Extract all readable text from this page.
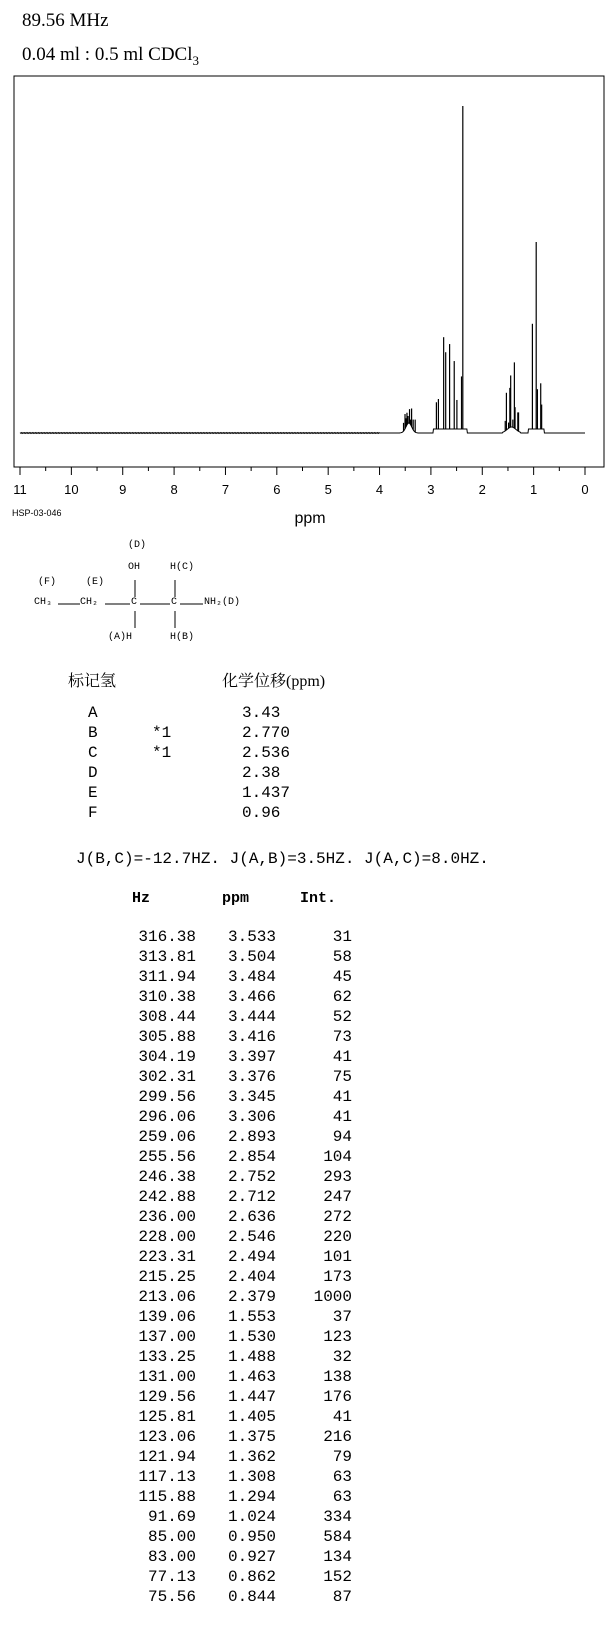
89.56 MHz
0.04 ml : 0.5 ml CDCl$_3$
11	10	9	8	7	6	5	4	3	2	1	0
ppm
HSP-03-046
(D)
OH	H(C)
(F)	(E)
CH₃	CH₂	C	C	NH₂(D)
(A)H	H(B)
标记氢	化学位移(ppm)
A	3.43
B	*1	2.770
C	*1	2.536
D	2.38
E	1.437
F	0.96
J(B,C)=-12.7HZ. J(A,B)=3.5HZ. J(A,C)=8.0HZ.
Hz	ppm	Int.
316.38	3.533	31
313.81	3.504	58
311.94	3.484	45
310.38	3.466	62
308.44	3.444	52
305.88	3.416	73
304.19	3.397	41
302.31	3.376	75
299.56	3.345	41
296.06	3.306	41
259.06	2.893	94
255.56	2.854	104
246.38	2.752	293
242.88	2.712	247
236.00	2.636	272
228.00	2.546	220
223.31	2.494	101
215.25	2.404	173
213.06	2.379	1000
139.06	1.553	37
137.00	1.530	123
133.25	1.488	32
131.00	1.463	138
129.56	1.447	176
125.81	1.405	41
123.06	1.375	216
121.94	1.362	79
117.13	1.308	63
115.88	1.294	63
91.69	1.024	334
85.00	0.950	584
83.00	0.927	134
77.13	0.862	152
75.56	0.844	87
